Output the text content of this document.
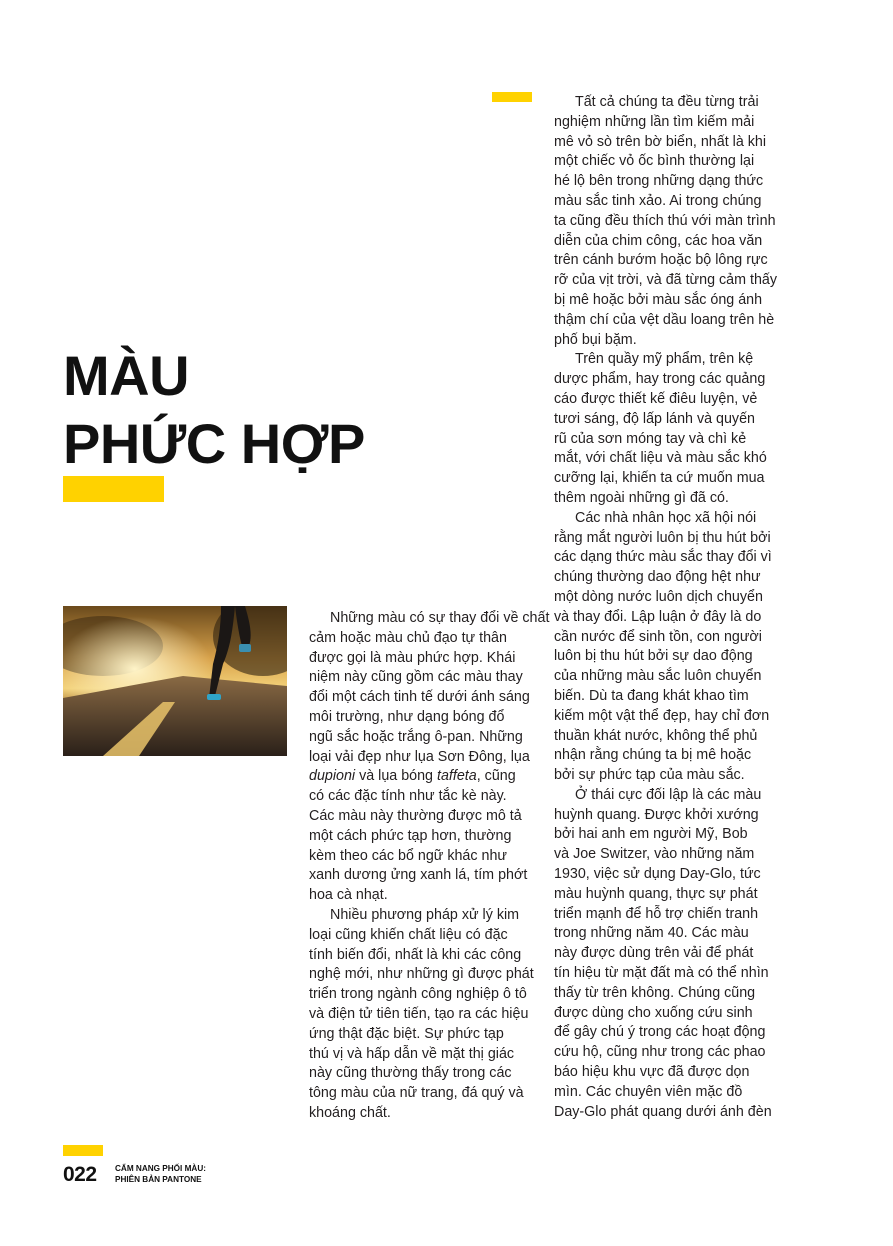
MÀU
PHỨC HỢP

Những màu có sự thay đổi về chất
cảm hoặc màu chủ đạo tự thân
được gọi là màu phức hợp. Khái
niệm này cũng gồm các màu thay
đổi một cách tinh tế dưới ánh sáng
môi trường, như dạng bóng đổ
ngũ sắc hoặc trắng ô-pan. Những
loại vải đẹp như lụa Sơn Đông, lụa
dupioni và lụa bóng taffeta, cũng
có các đặc tính như tắc kè này.
Các màu này thường được mô tả
một cách phức tạp hơn, thường
kèm theo các bổ ngữ khác như
xanh dương ửng xanh lá, tím phớt
hoa cà nhạt.

Nhiều phương pháp xử lý kim
loại cũng khiến chất liệu có đặc
tính biến đổi, nhất là khi các công
nghệ mới, như những gì được phát
triển trong ngành công nghiệp ô tô
và điện tử tiên tiến, tạo ra các hiệu
ứng thật đặc biệt. Sự phức tạp
thú vị và hấp dẫn về mặt thị giác
này cũng thường thấy trong các
tông màu của nữ trang, đá quý và
khoáng chất.

Tất cả chúng ta đều từng trải
nghiệm những lần tìm kiếm mải
mê vỏ sò trên bờ biển, nhất là khi
một chiếc vỏ ốc bình thường lại
hé lộ bên trong những dạng thức
màu sắc tinh xảo. Ai trong chúng
ta cũng đều thích thú với màn trình
diễn của chim công, các hoa văn
trên cánh bướm hoặc bộ lông rực
rỡ của vịt trời, và đã từng cảm thấy
bị mê hoặc bởi màu sắc óng ánh
thậm chí của vệt dầu loang trên hè
phố bụi bặm.

Trên quầy mỹ phẩm, trên kệ
dược phẩm, hay trong các quảng
cáo được thiết kế điêu luyện, vẻ
tươi sáng, độ lấp lánh và quyến
rũ của sơn móng tay và chì kẻ
mắt, với chất liệu và màu sắc khó
cưỡng lại, khiến ta cứ muốn mua
thêm ngoài những gì đã có.

Các nhà nhân học xã hội nói
rằng mắt người luôn bị thu hút bởi
các dạng thức màu sắc thay đổi vì
chúng thường dao động hệt như
một dòng nước luôn dịch chuyển
và thay đổi. Lập luận ở đây là do
cần nước để sinh tồn, con người
luôn bị thu hút bởi sự dao động
của những màu sắc luôn chuyển
biến. Dù ta đang khát khao tìm
kiếm một vật thể đẹp, hay chỉ đơn
thuần khát nước, không thể phủ
nhận rằng chúng ta bị mê hoặc
bởi sự phức tạp của màu sắc.

Ở thái cực đối lập là các màu
huỳnh quang. Được khởi xướng
bởi hai anh em người Mỹ, Bob
và Joe Switzer, vào những năm
1930, việc sử dụng Day-Glo, tức
màu huỳnh quang, thực sự phát
triển mạnh để hỗ trợ chiến tranh
trong những năm 40. Các màu
này được dùng trên vải để phát
tín hiệu từ mặt đất mà có thể nhìn
thấy từ trên không. Chúng cũng
được dùng cho xuống cứu sinh
để gây chú ý trong các hoạt động
cứu hộ, cũng như trong các phao
báo hiệu khu vực đã được dọn
mìn. Các chuyên viên mặc đồ
Day-Glo phát quang dưới ánh đèn

022 CẨM NANG PHỐI MÀU:
PHIÊN BẢN PANTONE
